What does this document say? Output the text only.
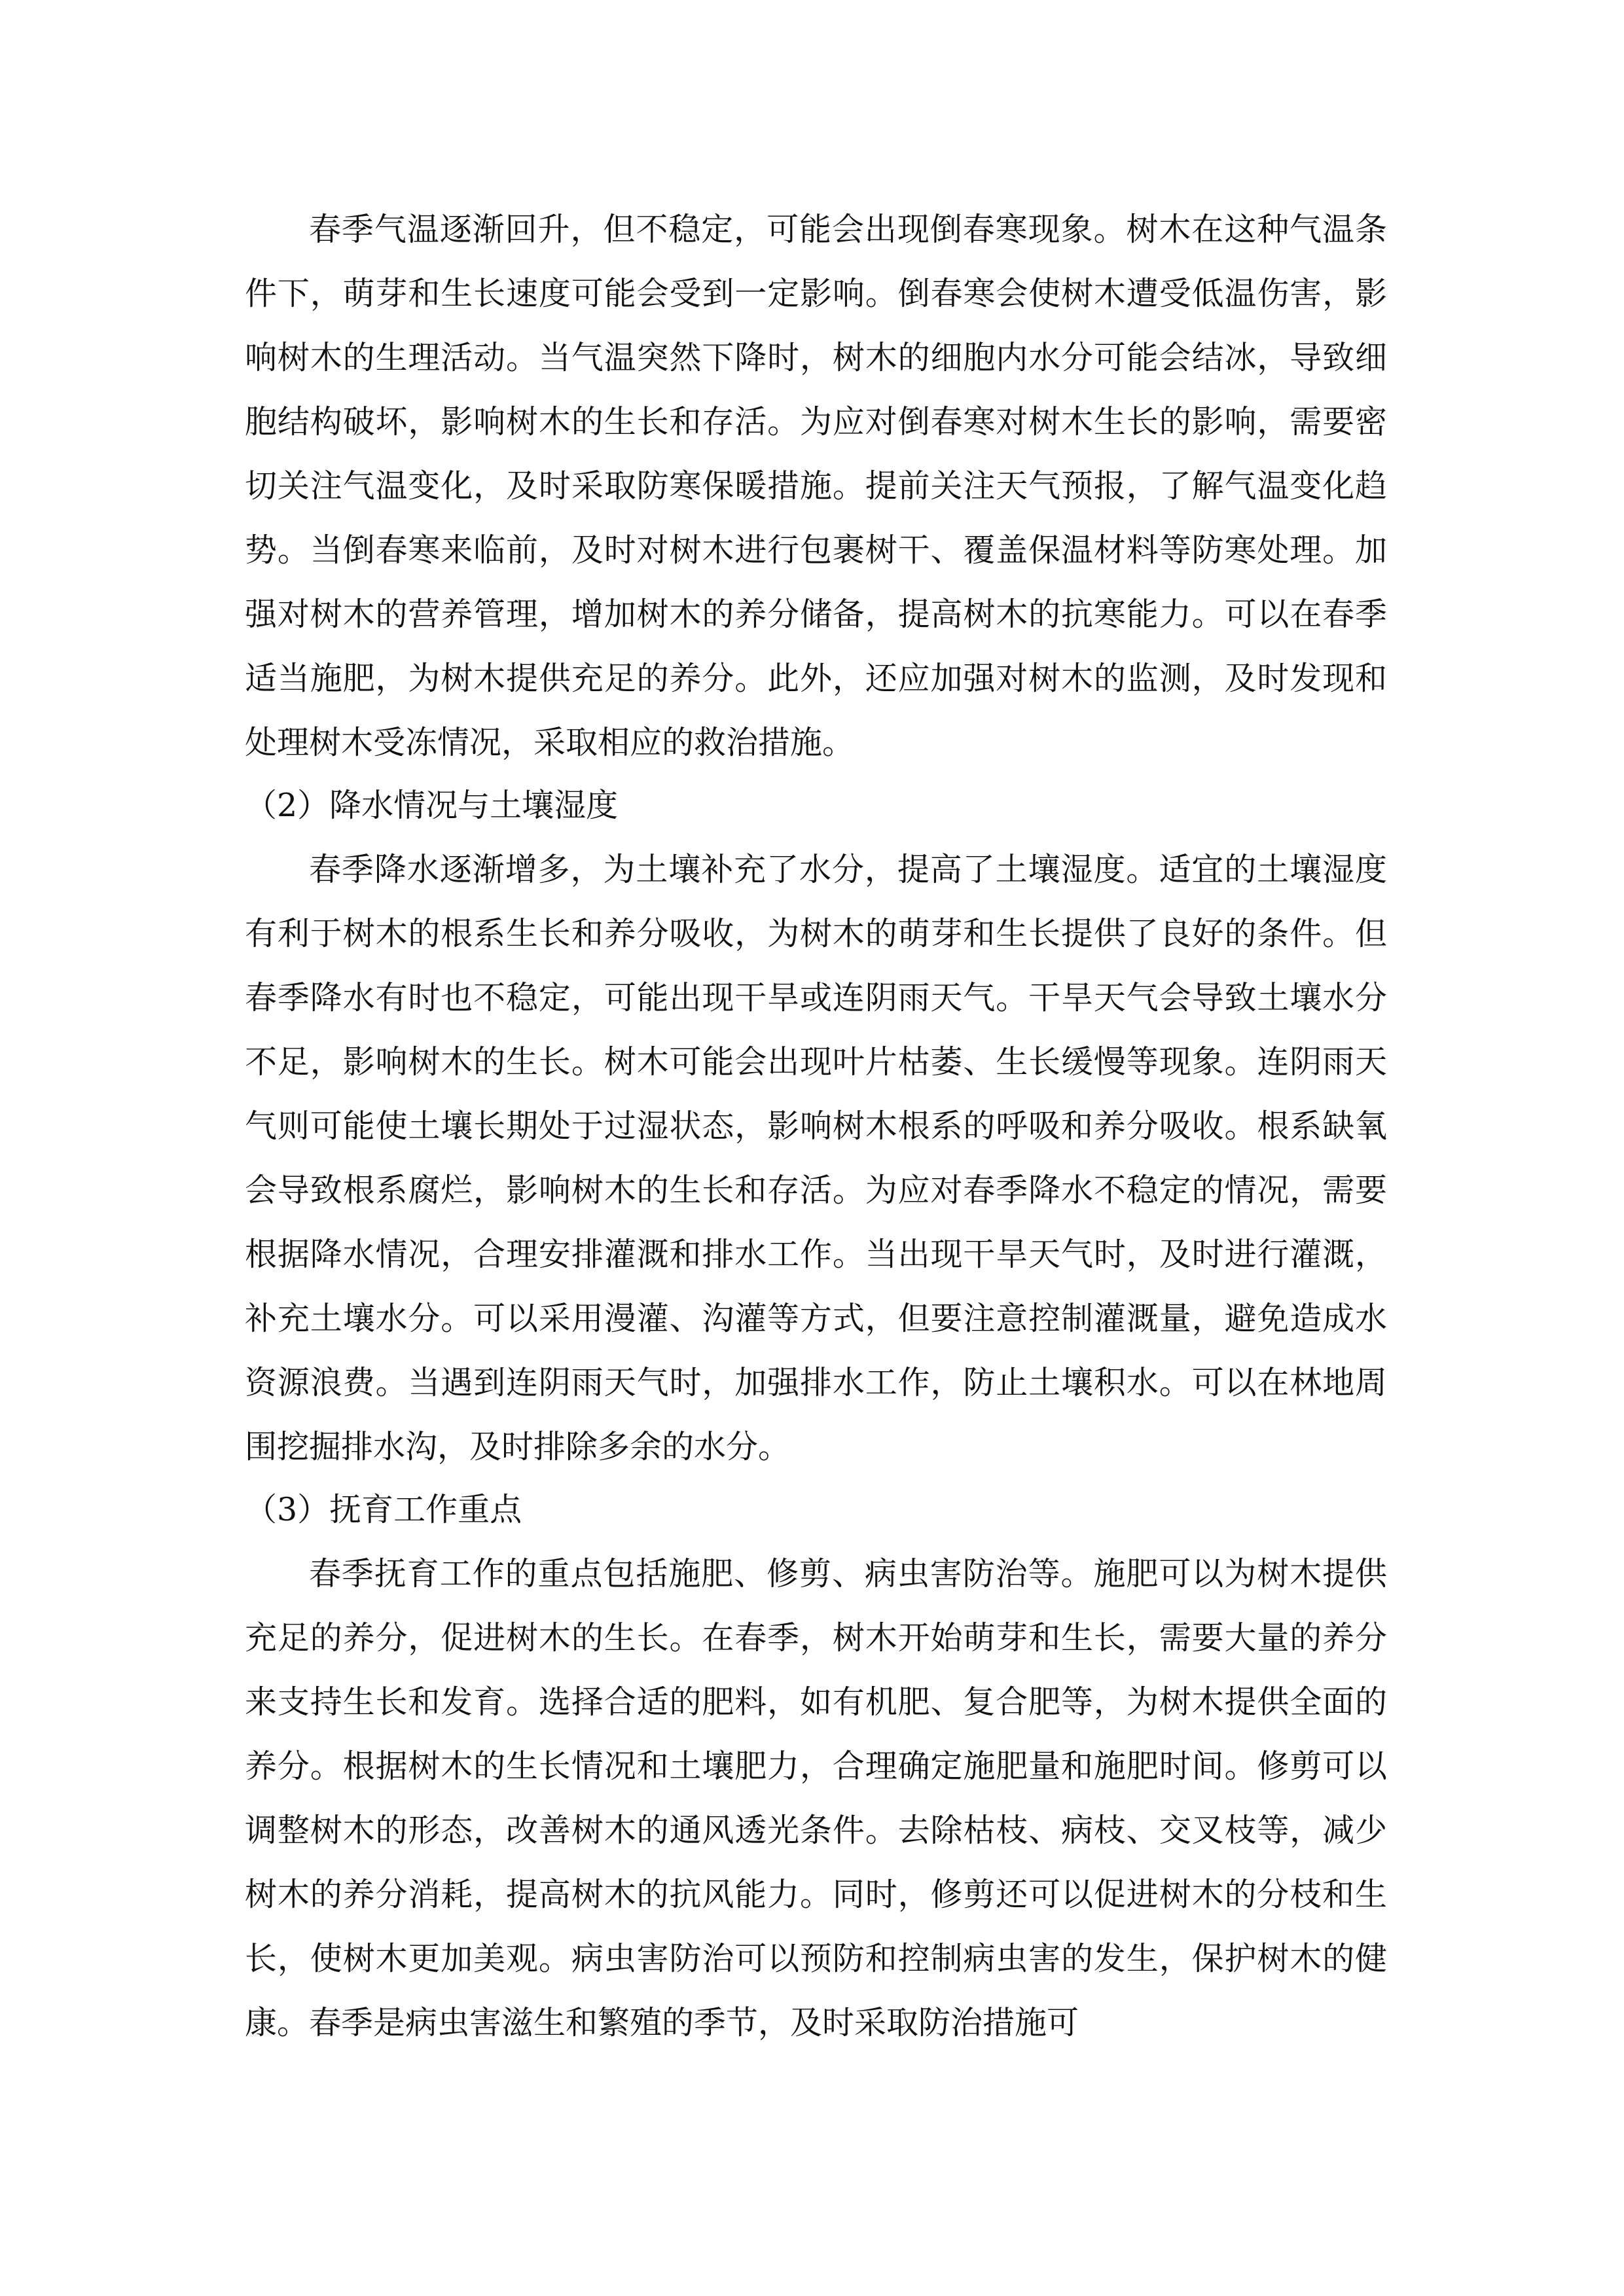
春季气温逐渐回升，但不稳定，可能会出现倒春寒现象。树木在这种气温条件下，萌芽和生长速度可能会受到一定影响。倒春寒会使树木遭受低温伤害，影响树木的生理活动。当气温突然下降时，树木的细胞内水分可能会结冰，导致细胞结构破坏，影响树木的生长和存活。为应对倒春寒对树木生长的影响，需要密切关注气温变化，及时采取防寒保暖措施。提前关注天气预报，了解气温变化趋势。当倒春寒来临前，及时对树木进行包裹树干、覆盖保温材料等防寒处理。加强对树木的营养管理，增加树木的养分储备，提高树木的抗寒能力。可以在春季适当施肥，为树木提供充足的养分。此外，还应加强对树木的监测，及时发现和处理树木受冻情况，采取相应的救治措施。

（2）降水情况与土壤湿度

春季降水逐渐增多，为土壤补充了水分，提高了土壤湿度。适宜的土壤湿度有利于树木的根系生长和养分吸收，为树木的萌芽和生长提供了良好的条件。但春季降水有时也不稳定，可能出现干旱或连阴雨天气。干旱天气会导致土壤水分不足，影响树木的生长。树木可能会出现叶片枯萎、生长缓慢等现象。连阴雨天气则可能使土壤长期处于过湿状态，影响树木根系的呼吸和养分吸收。根系缺氧会导致根系腐烂，影响树木的生长和存活。为应对春季降水不稳定的情况，需要根据降水情况，合理安排灌溉和排水工作。当出现干旱天气时，及时进行灌溉，补充土壤水分。可以采用漫灌、沟灌等方式，但要注意控制灌溉量，避免造成水资源浪费。当遇到连阴雨天气时，加强排水工作，防止土壤积水。可以在林地周围挖掘排水沟，及时排除多余的水分。

（3）抚育工作重点

春季抚育工作的重点包括施肥、修剪、病虫害防治等。施肥可以为树木提供充足的养分，促进树木的生长。在春季，树木开始萌芽和生长，需要大量的养分来支持生长和发育。选择合适的肥料，如有机肥、复合肥等，为树木提供全面的养分。根据树木的生长情况和土壤肥力，合理确定施肥量和施肥时间。修剪可以调整树木的形态，改善树木的通风透光条件。去除枯枝、病枝、交叉枝等，减少树木的养分消耗，提高树木的抗风能力。同时，修剪还可以促进树木的分枝和生长，使树木更加美观。病虫害防治可以预防和控制病虫害的发生，保护树木的健康。春季是病虫害滋生和繁殖的季节，及时采取防治措施可
